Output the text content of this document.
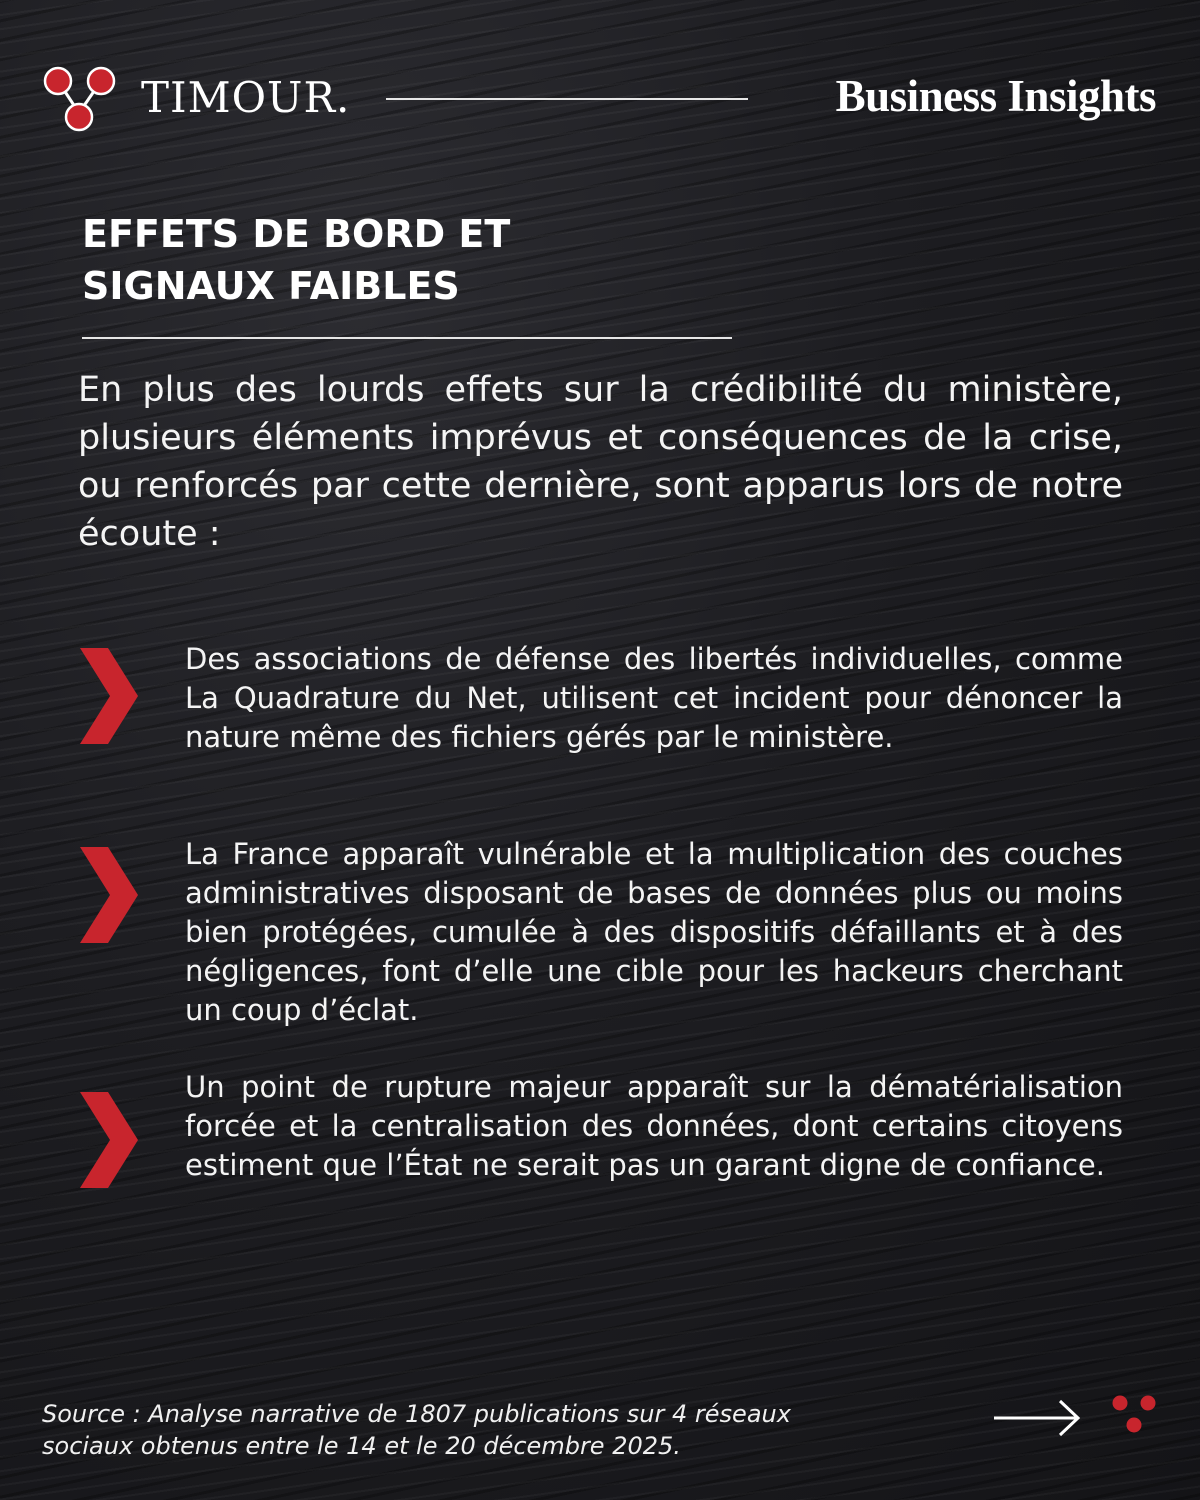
TIMOUR.	Business Insights
EFFETS DE BORD ET
SIGNAUX FAIBLES

En plus des lourds effets sur la crédibilité du ministère, plusieurs éléments imprévus et conséquences de la crise, ou renforcés par cette dernière, sont apparus lors de notre écoute :

Des associations de défense des libertés individuelles, comme La Quadrature du Net, utilisent cet incident pour dénoncer la nature même des fichiers gérés par le ministère.

La France apparaît vulnérable et la multiplication des couches administratives disposant de bases de données plus ou moins bien protégées, cumulée à des dispositifs défaillants et à des négligences, font d’elle une cible pour les hackeurs cherchant un coup d’éclat.

Un point de rupture majeur apparaît sur la dématérialisation forcée et la centralisation des données, dont certains citoyens estiment que l’État ne serait pas un garant digne de confiance.

Source : Analyse narrative de 1807 publications sur 4 réseaux
sociaux obtenus entre le 14 et le 20 décembre 2025.
